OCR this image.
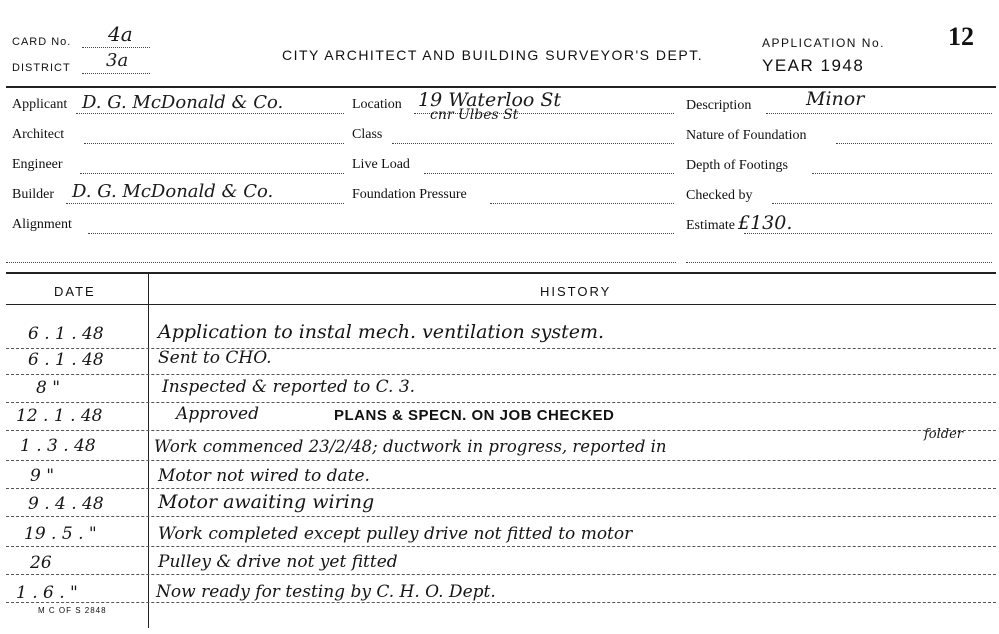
CARD No. 4a
DISTRICT 3a	CITY ARCHITECT AND BUILDING SURVEYOR'S DEPT.
APPLICATION No. 12
YEAR 1948
Applicant D. G. McDonald & Co.
Architect
Engineer
Builder D. G. McDonald & Co.
Alignment
Location 19 Waterloo St
cnr Ulbes St
Class
Live Load
Foundation Pressure
Description	Minor
Nature of Foundation
Depth of Footings
Checked by
Estimate £130.
DATE	HISTORY
6 . 1 . 48	Application to instal mech. ventilation system.
6 . 1 . 48	Sent to CHO.
8 "	Inspected & reported to C. 3.
12 . 1 . 48	Approved	PLANS & SPECN. ON JOB CHECKED
1 . 3 . 48	Work commenced 23/2/48; ductwork in progress, reported in
folder
9 "	Motor not wired to date.
9 . 4 . 48	Motor awaiting wiring
19 . 5 . "	Work completed except pulley drive not fitted to motor
26	Pulley & drive not yet fitted
1 . 6 . "	Now ready for testing by C. H. O. Dept.
M C OF S 2848
